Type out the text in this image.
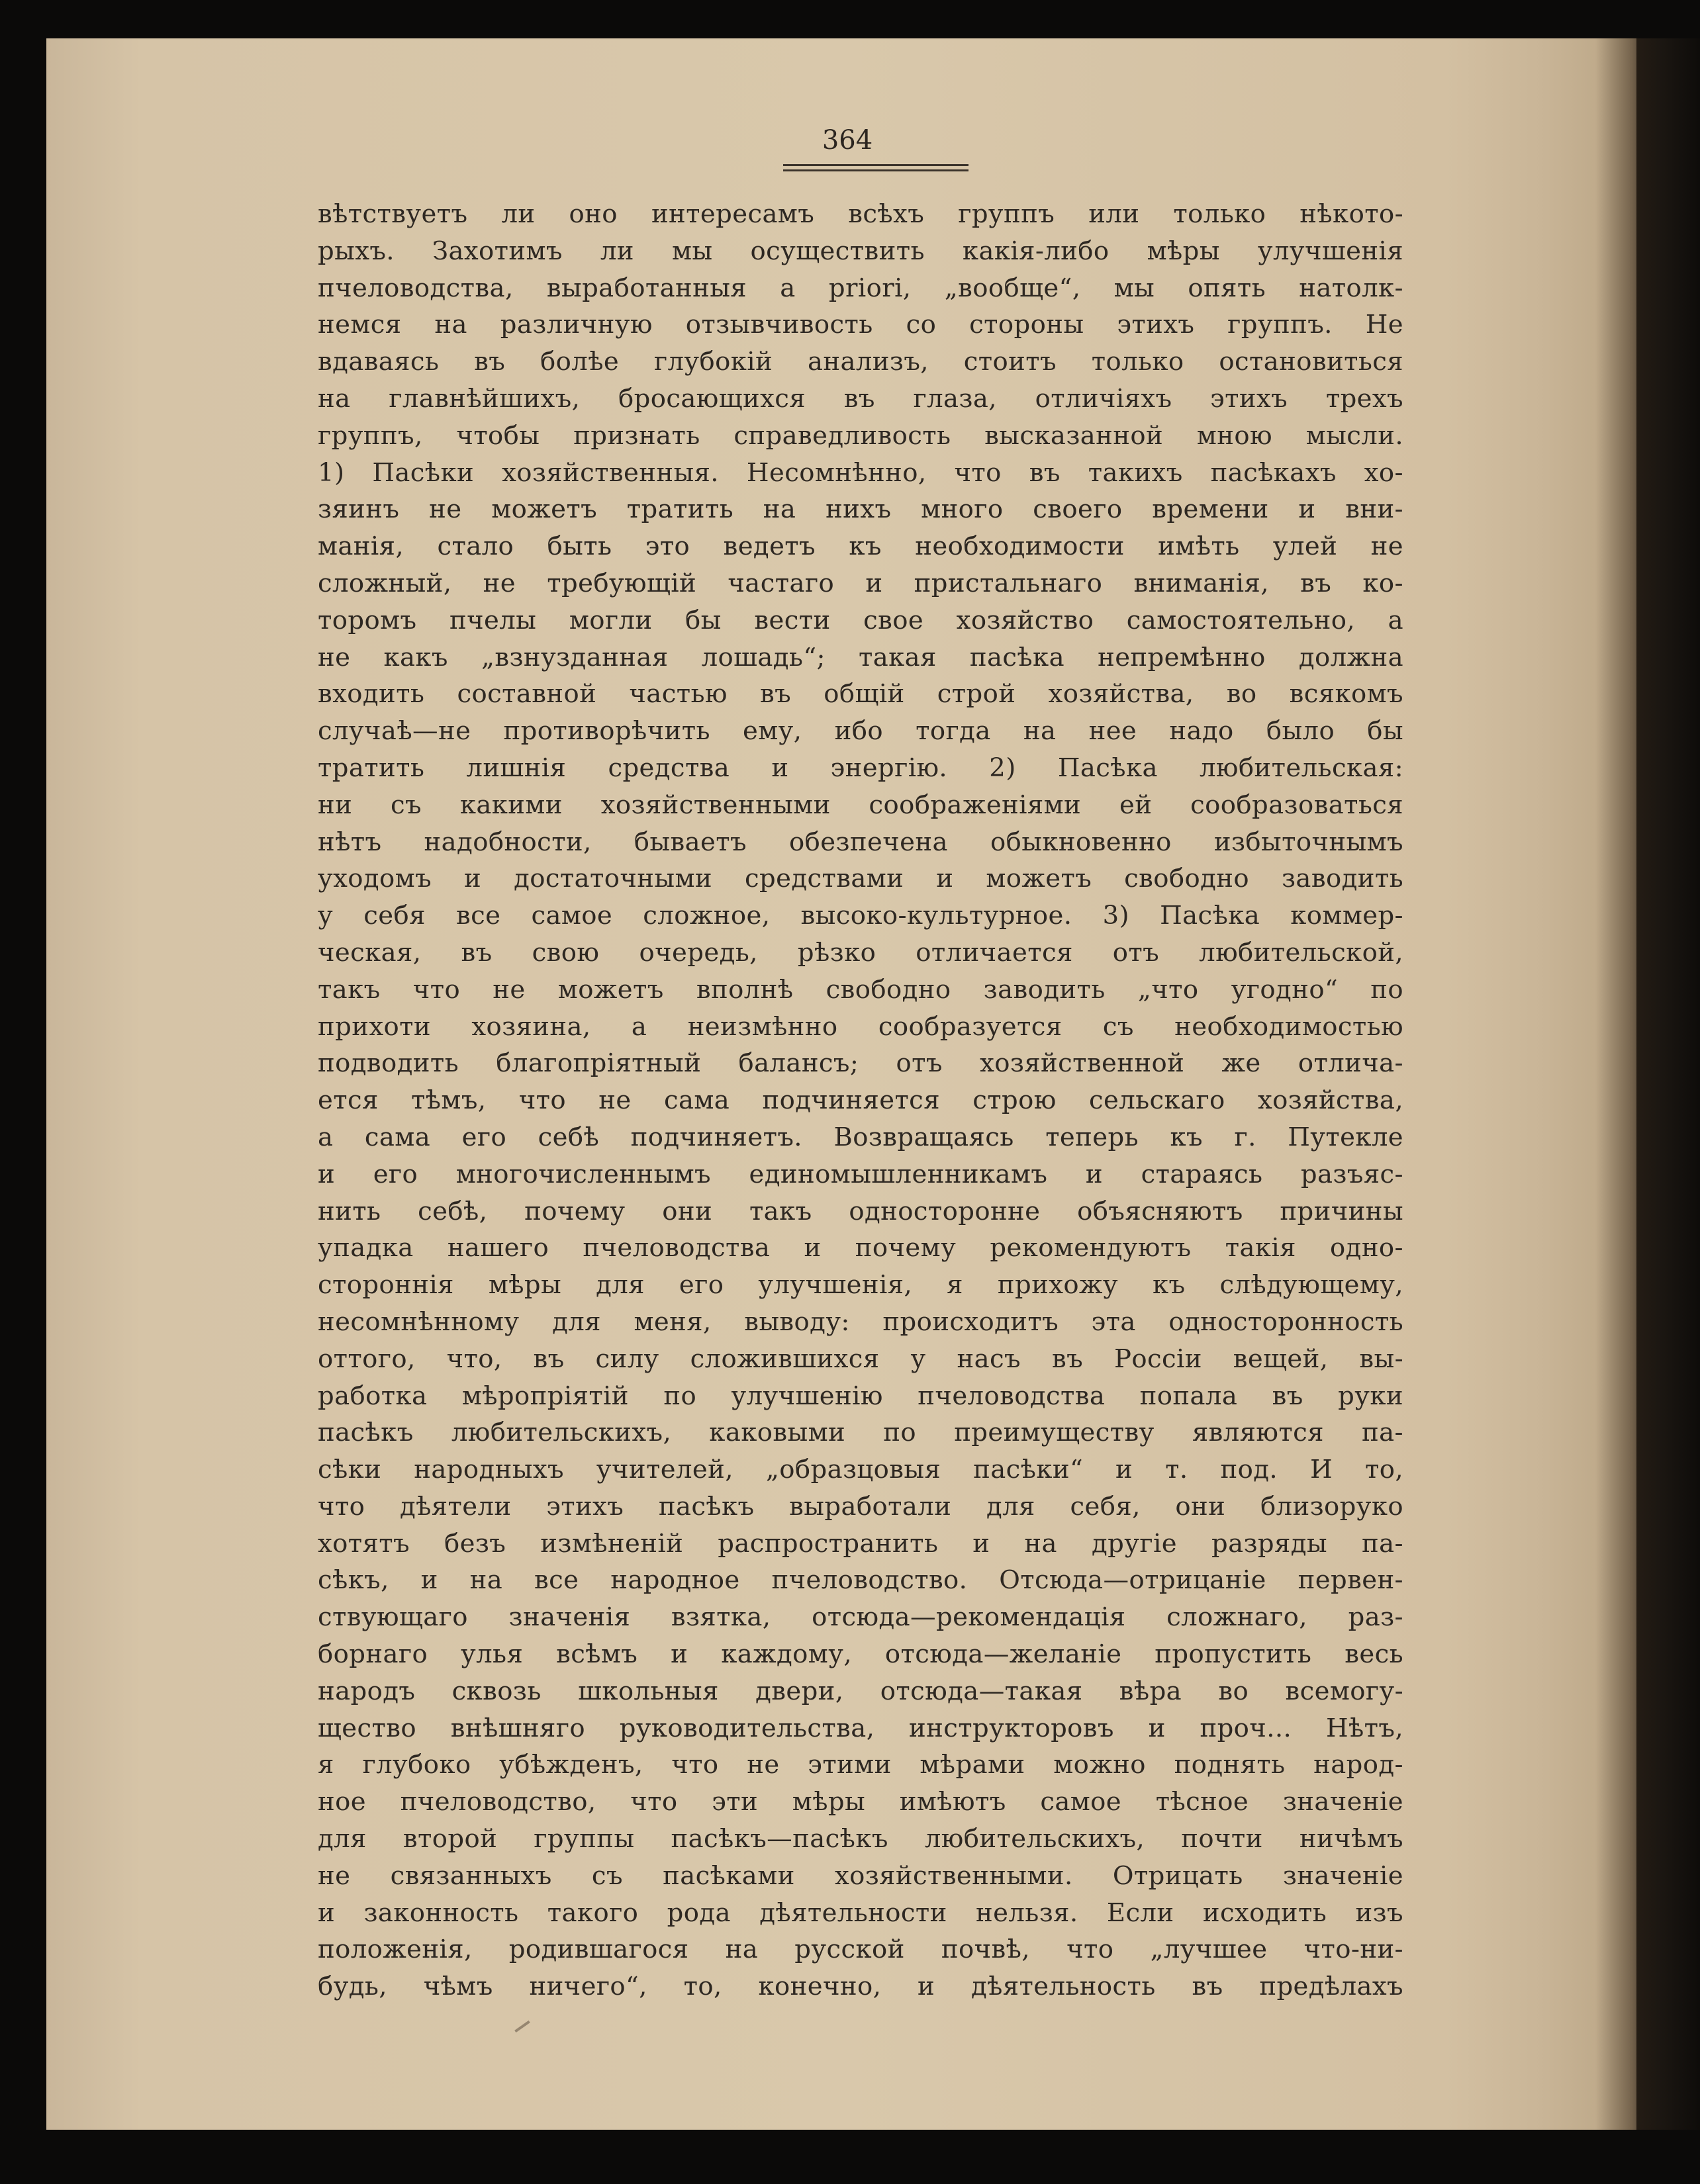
364
вѣтствуетъ ли оно интересамъ всѣхъ группъ или только нѣкото-
рыхъ. Захотимъ ли мы осуществить какія-либо мѣры улучшенія
пчеловодства, выработанныя a priori, „вообще“, мы опять натолк-
немся на различную отзывчивость со стороны этихъ группъ. Не
вдаваясь въ болѣе глубокій анализъ, стоитъ только остановиться
на главнѣйшихъ, бросающихся въ глаза, отличіяхъ этихъ трехъ
группъ, чтобы признать справедливость высказанной мною мысли.
1) Пасѣки хозяйственныя. Несомнѣнно, что въ такихъ пасѣкахъ хо-
зяинъ не можетъ тратить на нихъ много своего времени и вни-
манія, стало быть это ведетъ къ необходимости имѣть улей не
сложный, не требующій частаго и пристальнаго вниманія, въ ко-
торомъ пчелы могли бы вести свое хозяйство самостоятельно, а
не какъ „взнузданная лошадь“; такая пасѣка непремѣнно должна
входить составной частью въ общій строй хозяйства, во всякомъ
случаѣ—не противорѣчить ему, ибо тогда на нее надо было бы
тратить лишнія средства и энергію. 2) Пасѣка любительская:
ни съ какими хозяйственными соображеніями ей сообразоваться
нѣтъ надобности, бываетъ обезпечена обыкновенно избыточнымъ
уходомъ и достаточными средствами и можетъ свободно заводить
у себя все самое сложное, высоко-культурное. 3) Пасѣка коммер-
ческая, въ свою очередь, рѣзко отличается отъ любительской,
такъ что не можетъ вполнѣ свободно заводить „что угодно“ по
прихоти хозяина, а неизмѣнно сообразуется съ необходимостью
подводить благопріятный балансъ; отъ хозяйственной же отлича-
ется тѣмъ, что не сама подчиняется строю сельскаго хозяйства,
а сама его себѣ подчиняетъ. Возвращаясь теперь къ г. Путекле
и его многочисленнымъ единомышленникамъ и стараясь разъяс-
нить себѣ, почему они такъ односторонне объясняютъ причины
упадка нашего пчеловодства и почему рекомендуютъ такія одно-
стороннія мѣры для его улучшенія, я прихожу къ слѣдующему,
несомнѣнному для меня, выводу: происходитъ эта односторонность
оттого, что, въ силу сложившихся у насъ въ Россіи вещей, вы-
работка мѣропріятій по улучшенію пчеловодства попала въ руки
пасѣкъ любительскихъ, каковыми по преимуществу являются па-
сѣки народныхъ учителей, „образцовыя пасѣки“ и т. под. И то,
что дѣятели этихъ пасѣкъ выработали для себя, они близоруко
хотятъ безъ измѣненій распространить и на другіе разряды па-
сѣкъ, и на все народное пчеловодство. Отсюда—отрицаніе первен-
ствующаго значенія взятка, отсюда—рекомендація сложнаго, раз-
борнаго улья всѣмъ и каждому, отсюда—желаніе пропустить весь
народъ сквозь школьныя двери, отсюда—такая вѣра во всемогу-
щество внѣшняго руководительства, инструкторовъ и проч... Нѣтъ,
я глубоко убѣжденъ, что не этими мѣрами можно поднять народ-
ное пчеловодство, что эти мѣры имѣютъ самое тѣсное значеніе
для второй группы пасѣкъ—пасѣкъ любительскихъ, почти ничѣмъ
не связанныхъ съ пасѣками хозяйственными. Отрицать значеніе
и законность такого рода дѣятельности нельзя. Если исходить изъ
положенія, родившагося на русской почвѣ, что „лучшее что-ни-
будь, чѣмъ ничего“, то, конечно, и дѣятельность въ предѣлахъ
